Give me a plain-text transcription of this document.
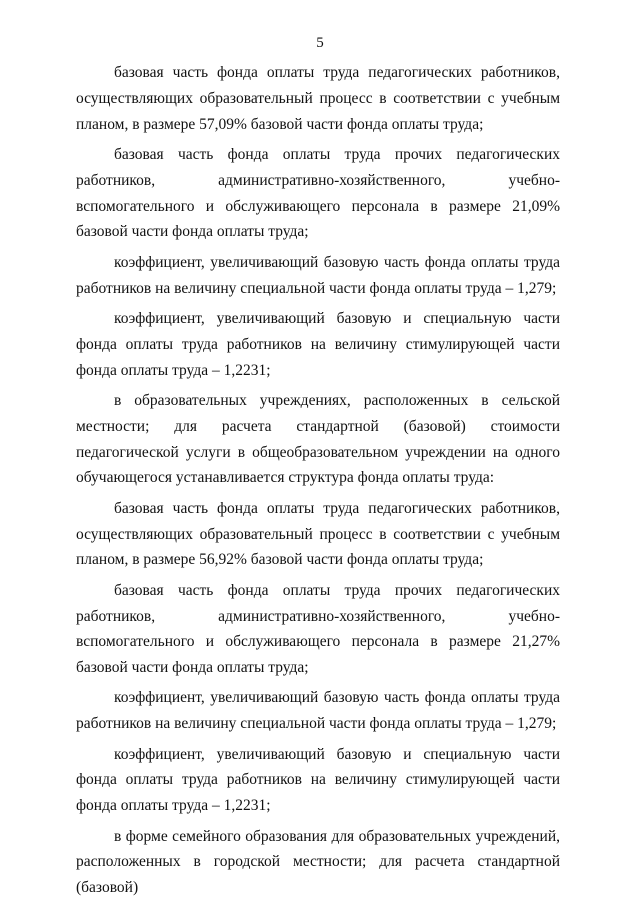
5

базовая часть фонда оплаты труда педагогических работников, осуществляющих образовательный процесс в соответствии с учебным планом, в размере 57,09% базовой части фонда оплаты труда;

базовая часть фонда оплаты труда прочих педагогических работников, административно-хозяйственного, учебно-вспомогательного и обслуживающего персонала в размере 21,09% базовой части фонда оплаты труда;

коэффициент, увеличивающий базовую часть фонда оплаты труда работников на величину специальной части фонда оплаты труда – 1,279;

коэффициент, увеличивающий базовую и специальную части фонда оплаты труда работников на величину стимулирующей части фонда оплаты труда – 1,2231;

в образовательных учреждениях, расположенных в сельской местности; для расчета стандартной (базовой) стоимости педагогической услуги в общеобразовательном учреждении на одного обучающегося устанавливается структура фонда оплаты труда:

базовая часть фонда оплаты труда педагогических работников, осуществляющих образовательный процесс в соответствии с учебным планом, в размере 56,92% базовой части фонда оплаты труда;

базовая часть фонда оплаты труда прочих педагогических работников, административно-хозяйственного, учебно-вспомогательного и обслуживающего персонала в размере 21,27% базовой части фонда оплаты труда;

коэффициент, увеличивающий базовую часть фонда оплаты труда работников на величину специальной части фонда оплаты труда – 1,279;

коэффициент, увеличивающий базовую и специальную части фонда оплаты труда работников на величину стимулирующей части фонда оплаты труда – 1,2231;

в форме семейного образования для образовательных учреждений, расположенных в городской местности; для расчета стандартной (базовой)
